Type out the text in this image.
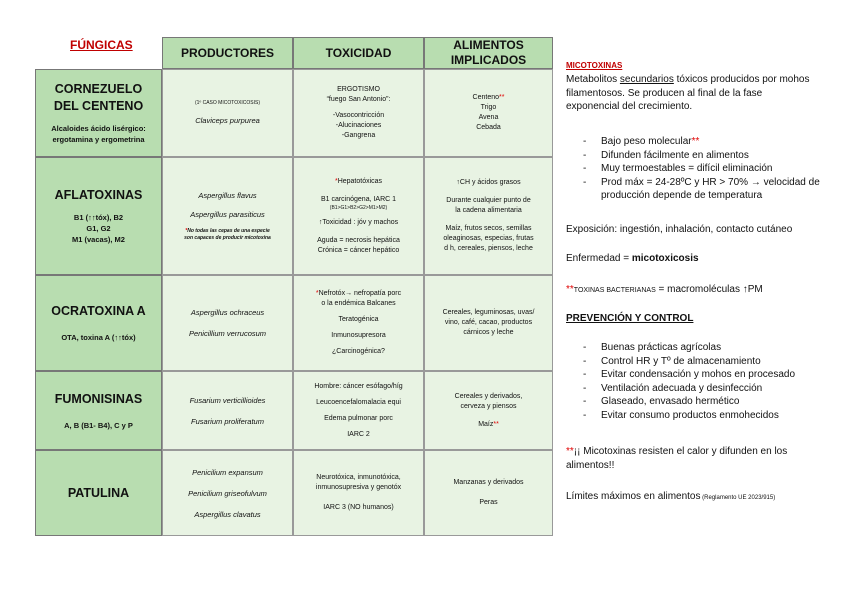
FÚNGICAS
PRODUCTORES	TOXICIDAD
ALIMENTOS
IMPLICADOS
CORNEZUELO
DEL CENTENO
Alcaloides ácido lisérgico:
ergotamina y ergometrina
(1º CASO MICOTOXICOSIS)
Claviceps purpurea
ERGOTISMO
“fuego San Antonio”:
-Vasocontricción
-Alucinaciones
-Gangrena
Centeno**
Trigo
Avena
Cebada
AFLATOXINAS
B1 (↑↑tóx), B2
G1, G2
M1 (vacas), M2
Aspergillus flavus
Aspergillus parasiticus
*No todas las cepas de una especie
son capaces de producir micotoxina
*Hepatotóxicas
B1 carcinógena, IARC 1
(B1>G1>B2>G2>M1>M2)
↑Toxicidad : jóv y machos
Aguda = necrosis hepática
Crónica = cáncer hepático
↑CH y ácidos grasos
Durante cualquier punto de
la cadena alimentaria
Maíz, frutos secos, semillas
oleaginosas, especias, frutas
d h, cereales, piensos, leche
OCRATOXINA A
OTA, toxina A (↑↑tóx)
Aspergillus ochraceus
Penicillium verrucosum
*Nefrotóx→ nefropatía porc
o la endémica Balcanes
Teratogénica
Inmunosupresora
¿Carcinogénica?
Cereales, leguminosas, uvas/
vino, café, cacao, productos
cárnicos y leche
FUMONISINAS
A, B (B1- B4), C y P
Fusarium verticillioides
Fusarium proliferatum
Hombre: cáncer esófago/híg
Leucoencefalomalacia equi
Edema pulmonar porc
IARC 2
Cereales y derivados,
cerveza y piensos
Maíz**
PATULINA
Penicilium expansum
Penicilium griseofulvum
Aspergillus clavatus
Neurotóxica, inmunotóxica,
inmunosupresiva y genotóx
IARC 3 (NO humanos)
Manzanas y derivados
Peras
MICOTOXINAS
Metabolitos secundarios tóxicos producidos por mohos filamentosos. Se producen al final de la fase exponencial del crecimiento.
- Bajo peso molecular**
- Difunden fácilmente en alimentos
- Muy termoestables = difícil eliminación
- Prod máx = 24-28ºC y HR > 70% → velocidad de producción depende de temperatura
Exposición: ingestión, inhalación, contacto cutáneo
Enfermedad = micotoxicosis
**TOXINAS BACTERIANAS = macromoléculas ↑PM
PREVENCIÓN Y CONTROL
- Buenas prácticas agrícolas
- Control HR y Tº de almacenamiento
- Evitar condensación y mohos en procesado
- Ventilación adecuada y desinfección
- Glaseado, envasado hermético
- Evitar consumo productos enmohecidos
**¡¡ Micotoxinas resisten el calor y difunden en los alimentos!!
Límites máximos en alimentos (Reglamento UE 2023/915)
